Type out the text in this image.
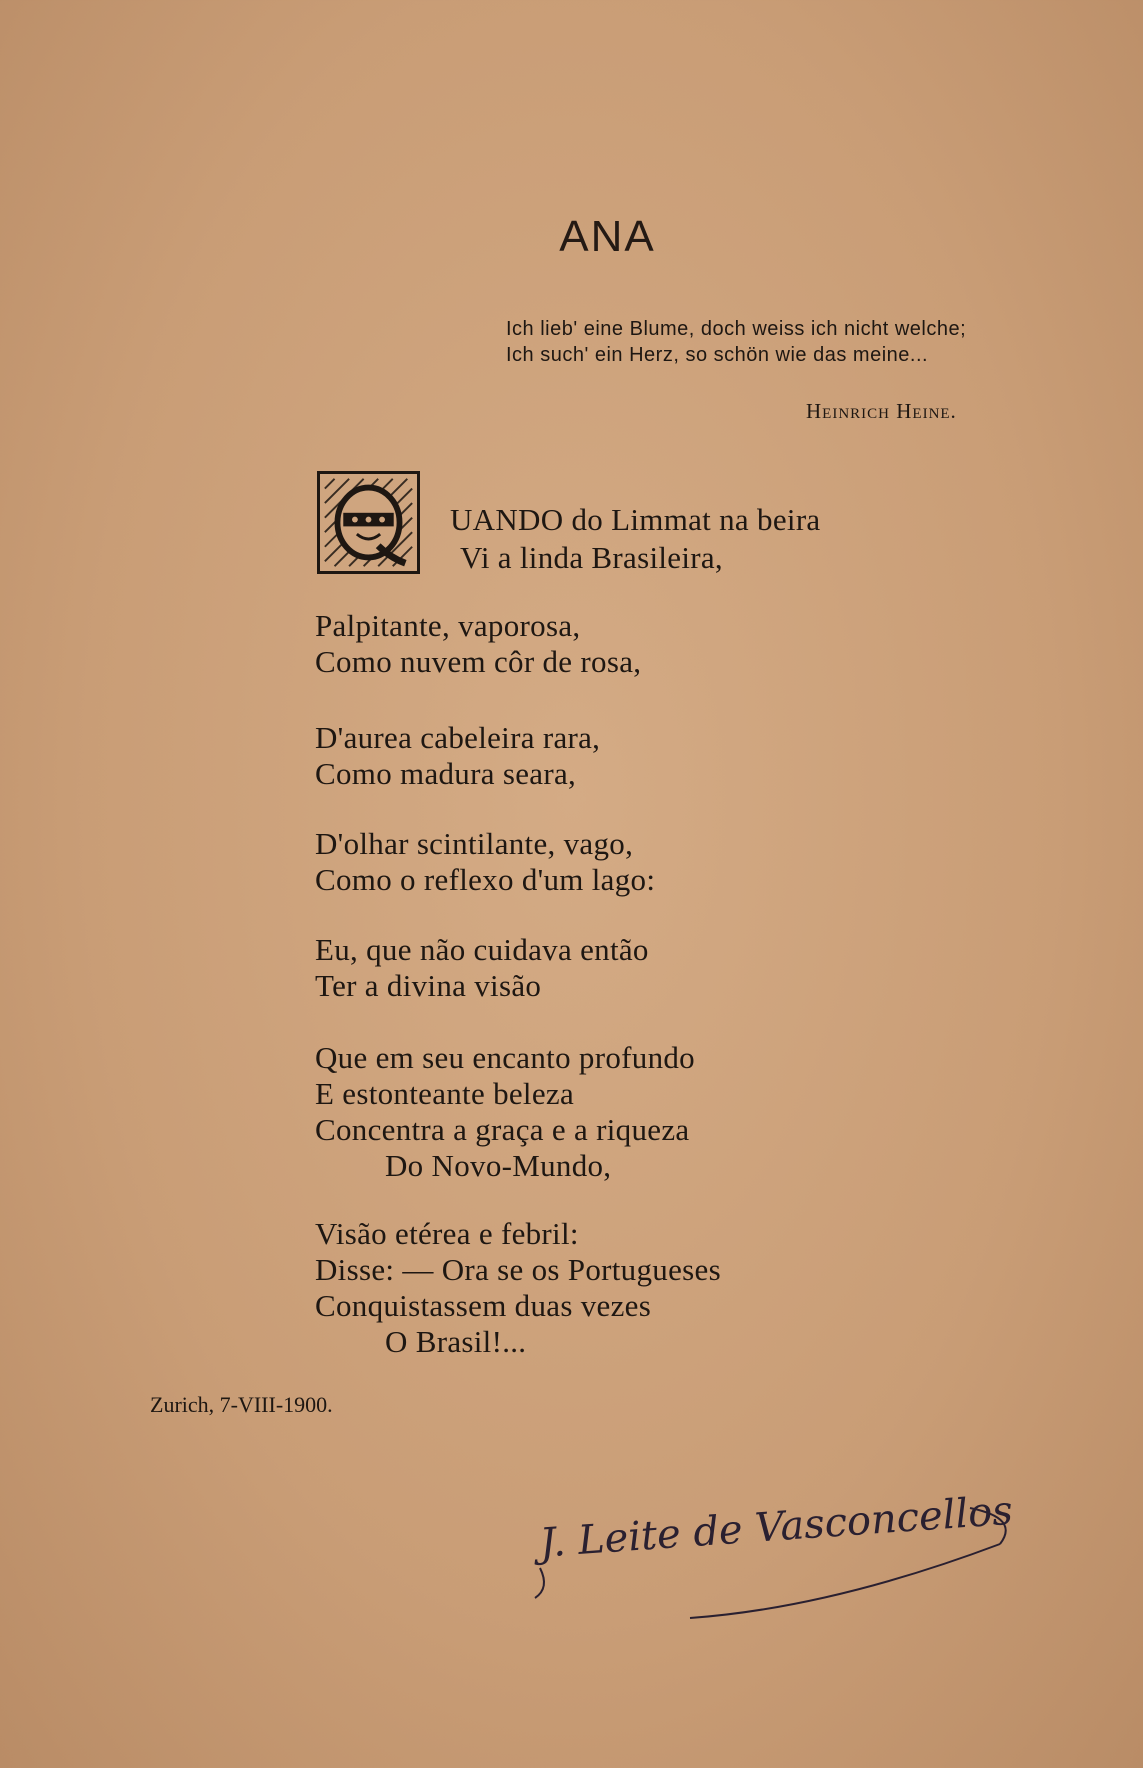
ANA
Ich lieb' eine Blume, doch weiss ich nicht welche;
Ich such' ein Herz, so schön wie das meine...
Heinrich Heine.
UANDO do Limmat na beira
Vi a linda Brasileira,
Palpitante, vaporosa,
Como nuvem côr de rosa,
D'aurea cabeleira rara,
Como madura seara,
D'olhar scintilante, vago,
Como o reflexo d'um lago:
Eu, que não cuidava então
Ter a divina visão
Que em seu encanto profundo
E estonteante beleza
Concentra a graça e a riqueza
Do Novo-Mundo,
Visão etérea e febril:
Disse: — Ora se os Portugueses
Conquistassem duas vezes
O Brasil!...
Zurich, 7-VIII-1900.
J. Leite de Vasconcellos
